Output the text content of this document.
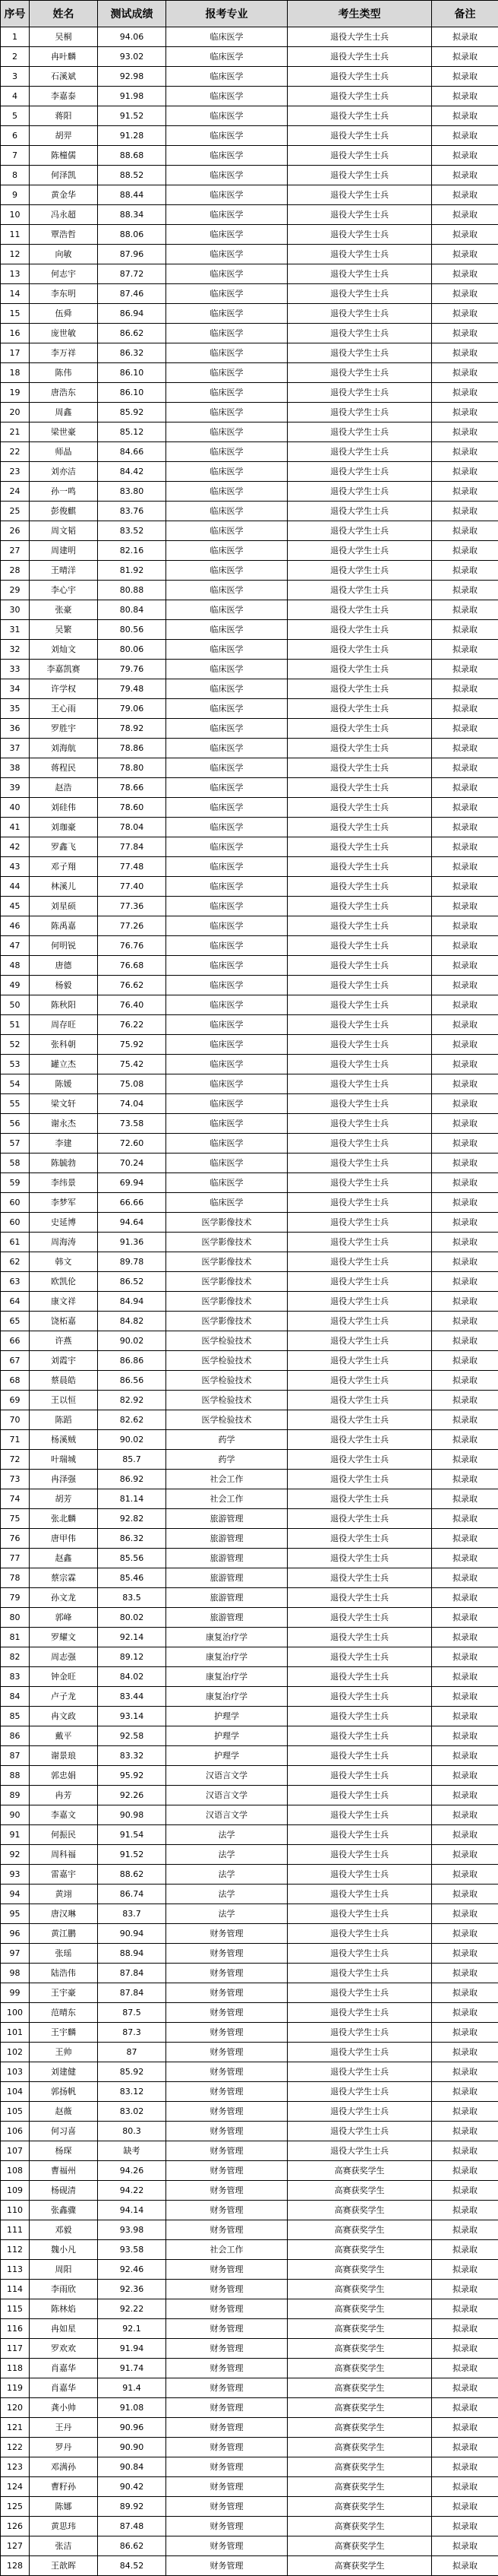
序号	姓名	测试成绩	报考专业	考生类型	备注
1	吴桐	94.06	临床医学	退役大学生士兵	拟录取
2	冉叶麟	93.02	临床医学	退役大学生士兵	拟录取
3	石溪斌	92.98	临床医学	退役大学生士兵	拟录取
4	李嘉泰	91.98	临床医学	退役大学生士兵	拟录取
5	蒋阳	91.52	临床医学	退役大学生士兵	拟录取
6	胡羿	91.28	临床医学	退役大学生士兵	拟录取
7	陈橦儒	88.68	临床医学	退役大学生士兵	拟录取
8	何泽凯	88.52	临床医学	退役大学生士兵	拟录取
9	黄金华	88.44	临床医学	退役大学生士兵	拟录取
10	冯永超	88.34	临床医学	退役大学生士兵	拟录取
11	覃浩哲	88.06	临床医学	退役大学生士兵	拟录取
12	向敏	87.96	临床医学	退役大学生士兵	拟录取
13	何志宇	87.72	临床医学	退役大学生士兵	拟录取
14	李东明	87.46	临床医学	退役大学生士兵	拟录取
15	伍舜	86.94	临床医学	退役大学生士兵	拟录取
16	庞世敏	86.62	临床医学	退役大学生士兵	拟录取
17	李万祥	86.32	临床医学	退役大学生士兵	拟录取
18	陈伟	86.10	临床医学	退役大学生士兵	拟录取
19	唐浩东	86.10	临床医学	退役大学生士兵	拟录取
20	周鑫	85.92	临床医学	退役大学生士兵	拟录取
21	梁世豪	85.12	临床医学	退役大学生士兵	拟录取
22	师晶	84.66	临床医学	退役大学生士兵	拟录取
23	刘亦洁	84.42	临床医学	退役大学生士兵	拟录取
24	孙一鸣	83.80	临床医学	退役大学生士兵	拟录取
25	彭俊麒	83.76	临床医学	退役大学生士兵	拟录取
26	周文韬	83.52	临床医学	退役大学生士兵	拟录取
27	周建明	82.16	临床医学	退役大学生士兵	拟录取
28	王晴洋	81.92	临床医学	退役大学生士兵	拟录取
29	李心宇	80.88	临床医学	退役大学生士兵	拟录取
30	张豪	80.84	临床医学	退役大学生士兵	拟录取
31	吴繁	80.56	临床医学	退役大学生士兵	拟录取
32	刘灿文	80.06	临床医学	退役大学生士兵	拟录取
33	李嘉凯赛	79.76	临床医学	退役大学生士兵	拟录取
34	许学权	79.48	临床医学	退役大学生士兵	拟录取
35	王心雨	79.06	临床医学	退役大学生士兵	拟录取
36	罗胜宇	78.92	临床医学	退役大学生士兵	拟录取
37	刘海航	78.86	临床医学	退役大学生士兵	拟录取
38	蒋程民	78.80	临床医学	退役大学生士兵	拟录取
39	赵浩	78.66	临床医学	退役大学生士兵	拟录取
40	刘硅伟	78.60	临床医学	退役大学生士兵	拟录取
41	刘珈豪	78.04	临床医学	退役大学生士兵	拟录取
42	罗鑫飞	77.84	临床医学	退役大学生士兵	拟录取
43	邓子翔	77.48	临床医学	退役大学生士兵	拟录取
44	林溪儿	77.40	临床医学	退役大学生士兵	拟录取
45	刘星硕	77.36	临床医学	退役大学生士兵	拟录取
46	陈禹嘉	77.26	临床医学	退役大学生士兵	拟录取
47	何明锐	76.76	临床医学	退役大学生士兵	拟录取
48	唐德	76.68	临床医学	退役大学生士兵	拟录取
49	杨毅	76.62	临床医学	退役大学生士兵	拟录取
50	陈秋阳	76.40	临床医学	退役大学生士兵	拟录取
51	周存旺	76.22	临床医学	退役大学生士兵	拟录取
52	张科朝	75.92	临床医学	退役大学生士兵	拟录取
53	罐立杰	75.42	临床医学	退役大学生士兵	拟录取
54	陈媛	75.08	临床医学	退役大学生士兵	拟录取
55	梁文轩	74.04	临床医学	退役大学生士兵	拟录取
56	谢永杰	73.58	临床医学	退役大学生士兵	拟录取
57	李建	72.60	临床医学	退役大学生士兵	拟录取
58	陈毓勃	70.24	临床医学	退役大学生士兵	拟录取
59	李纬景	69.94	临床医学	退役大学生士兵	拟录取
60	李梦军	66.66	临床医学	退役大学生士兵	拟录取
60	史延博	94.64	医学影像技术	退役大学生士兵	拟录取
61	周海涛	91.36	医学影像技术	退役大学生士兵	拟录取
62	韩文	89.78	医学影像技术	退役大学生士兵	拟录取
63	欧凯伦	86.52	医学影像技术	退役大学生士兵	拟录取
64	康文祥	84.94	医学影像技术	退役大学生士兵	拟录取
65	饶柘嘉	84.82	医学影像技术	退役大学生士兵	拟录取
66	许燕	90.02	医学检验技术	退役大学生士兵	拟录取
67	刘霞宇	86.86	医学检验技术	退役大学生士兵	拟录取
68	蔡晨皓	86.56	医学检验技术	退役大学生士兵	拟录取
69	王以恒	82.92	医学检验技术	退役大学生士兵	拟录取
70	陈蹈	82.62	医学检验技术	退役大学生士兵	拟录取
71	杨溪贼	90.02	药学	退役大学生士兵	拟录取
72	叶瑞城	85.7	药学	退役大学生士兵	拟录取
73	冉泽强	86.92	社会工作	退役大学生士兵	拟录取
74	胡芳	81.14	社会工作	退役大学生士兵	拟录取
75	张北麟	92.82	旅游管理	退役大学生士兵	拟录取
76	唐甲伟	86.32	旅游管理	退役大学生士兵	拟录取
77	赵鑫	85.56	旅游管理	退役大学生士兵	拟录取
78	蔡宗霖	85.46	旅游管理	退役大学生士兵	拟录取
79	孙文龙	83.5	旅游管理	退役大学生士兵	拟录取
80	郭峰	80.02	旅游管理	退役大学生士兵	拟录取
81	罗耀文	92.14	康复治疗学	退役大学生士兵	拟录取
82	周志强	89.12	康复治疗学	退役大学生士兵	拟录取
83	钟金旺	84.02	康复治疗学	退役大学生士兵	拟录取
84	卢子龙	83.44	康复治疗学	退役大学生士兵	拟录取
85	冉文政	93.14	护理学	退役大学生士兵	拟录取
86	戴平	92.58	护理学	退役大学生士兵	拟录取
87	谢景琅	83.32	护理学	退役大学生士兵	拟录取
88	郭忠娟	95.92	汉语言文学	退役大学生士兵	拟录取
89	冉芳	92.26	汉语言文学	退役大学生士兵	拟录取
90	李嘉文	90.98	汉语言文学	退役大学生士兵	拟录取
91	何振民	91.54	法学	退役大学生士兵	拟录取
92	周科福	91.52	法学	退役大学生士兵	拟录取
93	雷嘉宇	88.62	法学	退役大学生士兵	拟录取
94	黄翊	86.74	法学	退役大学生士兵	拟录取
95	唐汉琳	83.7	法学	退役大学生士兵	拟录取
96	黄江鹏	90.94	财务管理	退役大学生士兵	拟录取
97	张瑶	88.94	财务管理	退役大学生士兵	拟录取
98	陆浩伟	87.84	财务管理	退役大学生士兵	拟录取
99	王宇豪	87.84	财务管理	退役大学生士兵	拟录取
100	范晴东	87.5	财务管理	退役大学生士兵	拟录取
101	王宇麟	87.3	财务管理	退役大学生士兵	拟录取
102	王帅	87	财务管理	退役大学生士兵	拟录取
103	刘建健	85.92	财务管理	退役大学生士兵	拟录取
104	郭扬帆	83.12	财务管理	退役大学生士兵	拟录取
105	赵薇	83.02	财务管理	退役大学生士兵	拟录取
106	何习喜	80.3	财务管理	退役大学生士兵	拟录取
107	杨琛	缺考	财务管理	退役大学生士兵	拟录取
108	曹福州	94.26	财务管理	高赛获奖学生	拟录取
109	杨砚清	94.22	财务管理	高赛获奖学生	拟录取
110	张鑫骤	94.14	财务管理	高赛获奖学生	拟录取
111	邓毅	93.98	财务管理	高赛获奖学生	拟录取
112	魏小凡	93.58	社会工作	高赛获奖学生	拟录取
113	周阳	92.46	财务管理	高赛获奖学生	拟录取
114	李雨欣	92.36	财务管理	高赛获奖学生	拟录取
115	陈林焰	92.22	财务管理	高赛获奖学生	拟录取
116	冉如星	92.1	财务管理	高赛获奖学生	拟录取
117	罗欢欢	91.94	财务管理	高赛获奖学生	拟录取
118	肖嘉华	91.74	财务管理	高赛获奖学生	拟录取
119	肖嘉华	91.4	财务管理	高赛获奖学生	拟录取
120	龚小帅	91.08	财务管理	高赛获奖学生	拟录取
121	王丹	90.96	财务管理	高赛获奖学生	拟录取
122	罗丹	90.90	财务管理	高赛获奖学生	拟录取
123	邓满孙	90.84	财务管理	高赛获奖学生	拟录取
124	曹籽孙	90.42	财务管理	高赛获奖学生	拟录取
125	陈娜	89.92	财务管理	高赛获奖学生	拟录取
126	黄思玮	87.48	财务管理	高赛获奖学生	拟录取
127	张洁	86.62	财务管理	高赛获奖学生	拟录取
128	王歆晖	84.52	财务管理	高赛获奖学生	拟录取
